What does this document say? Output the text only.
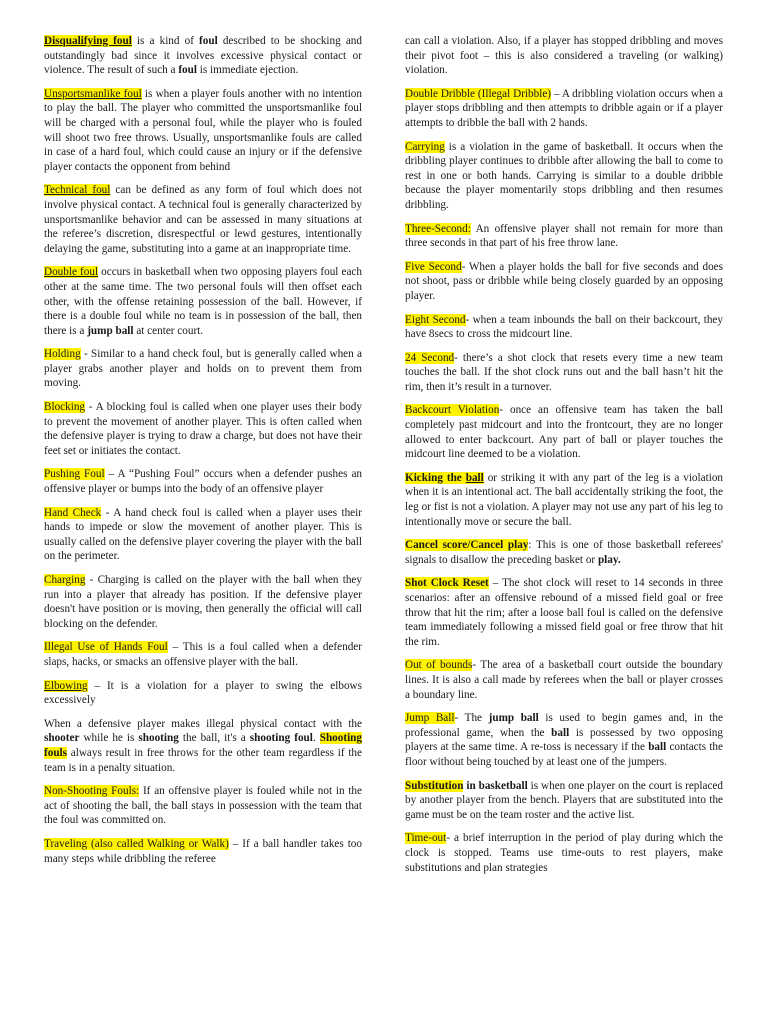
Disqualifying foul is a kind of foul described to be shocking and outstandingly bad since it involves excessive physical contact or violence. The result of such a foul is immediate ejection.

Unsportsmanlike foul is when a player fouls another with no intention to play the ball. The player who committed the unsportsmanlike foul will be charged with a personal foul, while the player who is fouled will shoot two free throws. Usually, unsportsmanlike fouls are called in case of a hard foul, which could cause an injury or if the defensive player contacts the opponent from behind

Technical foul can be defined as any form of foul which does not involve physical contact. A technical foul is generally characterized by unsportsmanlike behavior and can be assessed in many situations at the referee’s discretion, disrespectful or lewd gestures, intentionally delaying the game, substituting into a game at an inappropriate time.

Double foul occurs in basketball when two opposing players foul each other at the same time. The two personal fouls will then offset each other, with the offense retaining possession of the ball. However, if there is a double foul while no team is in possession of the ball, then there is a jump ball at center court.

Holding - Similar to a hand check foul, but is generally called when a player grabs another player and holds on to prevent them from moving.

Blocking - A blocking foul is called when one player uses their body to prevent the movement of another player. This is often called when the defensive player is trying to draw a charge, but does not have their feet set or initiates the contact.

Pushing Foul – A “Pushing Foul” occurs when a defender pushes an offensive player or bumps into the body of an offensive player

Hand Check - A hand check foul is called when a player uses their hands to impede or slow the movement of another player. This is usually called on the defensive player covering the player with the ball on the perimeter.

Charging - Charging is called on the player with the ball when they run into a player that already has position. If the defensive player doesn't have position or is moving, then generally the official will call blocking on the defender.

Illegal Use of Hands Foul – This is a foul called when a defender slaps, hacks, or smacks an offensive player with the ball.

Elbowing – It is a violation for a player to swing the elbows excessively

When a defensive player makes illegal physical contact with the shooter while he is shooting the ball, it's a shooting foul. Shooting fouls always result in free throws for the other team regardless if the team is in a penalty situation.

Non-Shooting Fouls: If an offensive player is fouled while not in the act of shooting the ball, the ball stays in possession with the team that the foul was committed on.

Traveling (also called Walking or Walk) – If a ball handler takes too many steps while dribbling the referee

can call a violation. Also, if a player has stopped dribbling and moves their pivot foot – this is also considered a traveling (or walking) violation.

Double Dribble (Illegal Dribble) – A dribbling violation occurs when a player stops dribbling and then attempts to dribble again or if a player attempts to dribble the ball with 2 hands.

Carrying is a violation in the game of basketball. It occurs when the dribbling player continues to dribble after allowing the ball to come to rest in one or both hands. Carrying is similar to a double dribble because the player momentarily stops dribbling and then resumes dribbling.

Three-Second: An offensive player shall not remain for more than three seconds in that part of his free throw lane.

Five Second- When a player holds the ball for five seconds and does not shoot, pass or dribble while being closely guarded by an opposing player.

Eight Second- when a team inbounds the ball on their backcourt, they have 8secs to cross the midcourt line.

24 Second- there’s a shot clock that resets every time a new team touches the ball. If the shot clock runs out and the ball hasn’t hit the rim, then it’s result in a turnover.

Backcourt Violation- once an offensive team has taken the ball completely past midcourt and into the frontcourt, they are no longer allowed to enter backcourt. Any part of ball or player touches the midcourt line deemed to be a violation.

Kicking the ball or striking it with any part of the leg is a violation when it is an intentional act. The ball accidentally striking the foot, the leg or fist is not a violation. A player may not use any part of his leg to intentionally move or secure the ball.

Cancel score/Cancel play: This is one of those basketball referees' signals to disallow the preceding basket or play.

Shot Clock Reset – The shot clock will reset to 14 seconds in three scenarios: after an offensive rebound of a missed field goal or free throw that hit the rim; after a loose ball foul is called on the defensive team immediately following a missed field goal or free throw that hit the rim.

Out of bounds- The area of a basketball court outside the boundary lines. It is also a call made by referees when the ball or player crosses a boundary line.

Jump Ball- The jump ball is used to begin games and, in the professional game, when the ball is possessed by two opposing players at the same time. A re-toss is necessary if the ball contacts the floor without being touched by at least one of the jumpers.

Substitution in basketball is when one player on the court is replaced by another player from the bench. Players that are substituted into the game must be on the team roster and the active list.

Time-out- a brief interruption in the period of play during which the clock is stopped. Teams use time-outs to rest players, make substitutions and plan strategies
